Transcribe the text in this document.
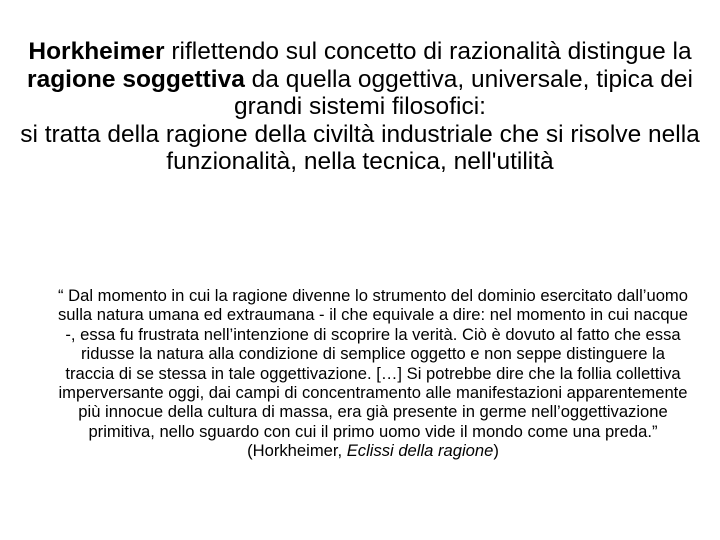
Horkheimer riflettendo sul concetto di razionalità distingue la ragione soggettiva da quella oggettiva, universale, tipica dei grandi sistemi filosofici:
si tratta della ragione della civiltà industriale che si risolve nella funzionalità, nella tecnica, nell'utilità

“ Dal momento in cui la ragione divenne lo strumento del dominio esercitato dall’uomo sulla natura umana ed extraumana - il che equivale a dire: nel momento in cui nacque -, essa fu frustrata nell’intenzione di scoprire la verità. Ciò è dovuto al fatto che essa ridusse la natura alla condizione di semplice oggetto e non seppe distinguere la traccia di se stessa in tale oggettivazione. […] Si potrebbe dire che la follia collettiva imperversante oggi, dai campi di concentramento alle manifestazioni apparentemente più innocue della cultura di massa, era già presente in germe nell’oggettivazione primitiva, nello sguardo con cui il primo uomo vide il mondo come una preda.” (Horkheimer, Eclissi della ragione)
